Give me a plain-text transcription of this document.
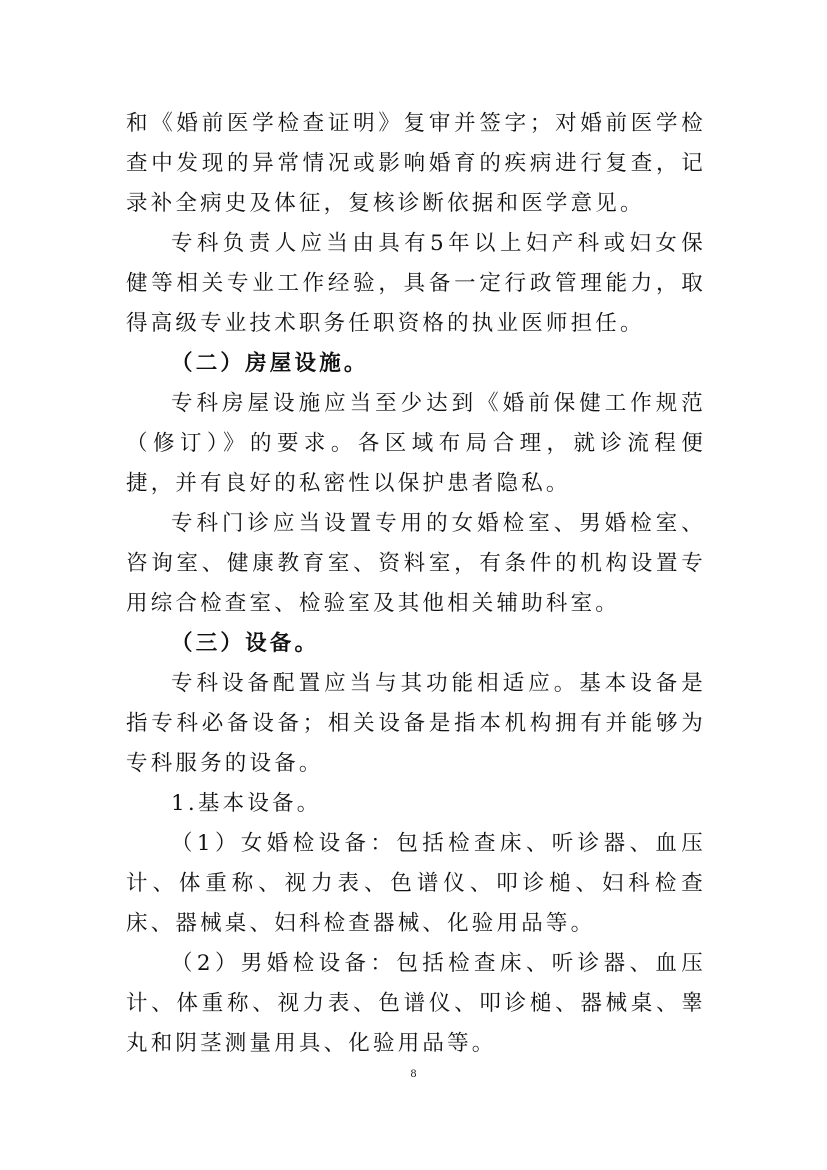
和《婚前医学检查证明》复审并签字；对婚前医学检查中发现的异常情况或影响婚育的疾病进行复查，记录补全病史及体征，复核诊断依据和医学意见。

专科负责人应当由具有5年以上妇产科或妇女保健等相关专业工作经验，具备一定行政管理能力，取得高级专业技术职务任职资格的执业医师担任。

（二）房屋设施。

专科房屋设施应当至少达到《婚前保健工作规范（修订）》的要求。各区域布局合理，就诊流程便捷，并有良好的私密性以保护患者隐私。

专科门诊应当设置专用的女婚检室、男婚检室、咨询室、健康教育室、资料室，有条件的机构设置专用综合检查室、检验室及其他相关辅助科室。

（三）设备。

专科设备配置应当与其功能相适应。基本设备是指专科必备设备；相关设备是指本机构拥有并能够为专科服务的设备。

1.基本设备。

（1）女婚检设备：包括检查床、听诊器、血压计、体重称、视力表、色谱仪、叩诊槌、妇科检查床、器械桌、妇科检查器械、化验用品等。

（2）男婚检设备：包括检查床、听诊器、血压计、体重称、视力表、色谱仪、叩诊槌、器械桌、睾丸和阴茎测量用具、化验用品等。

8
